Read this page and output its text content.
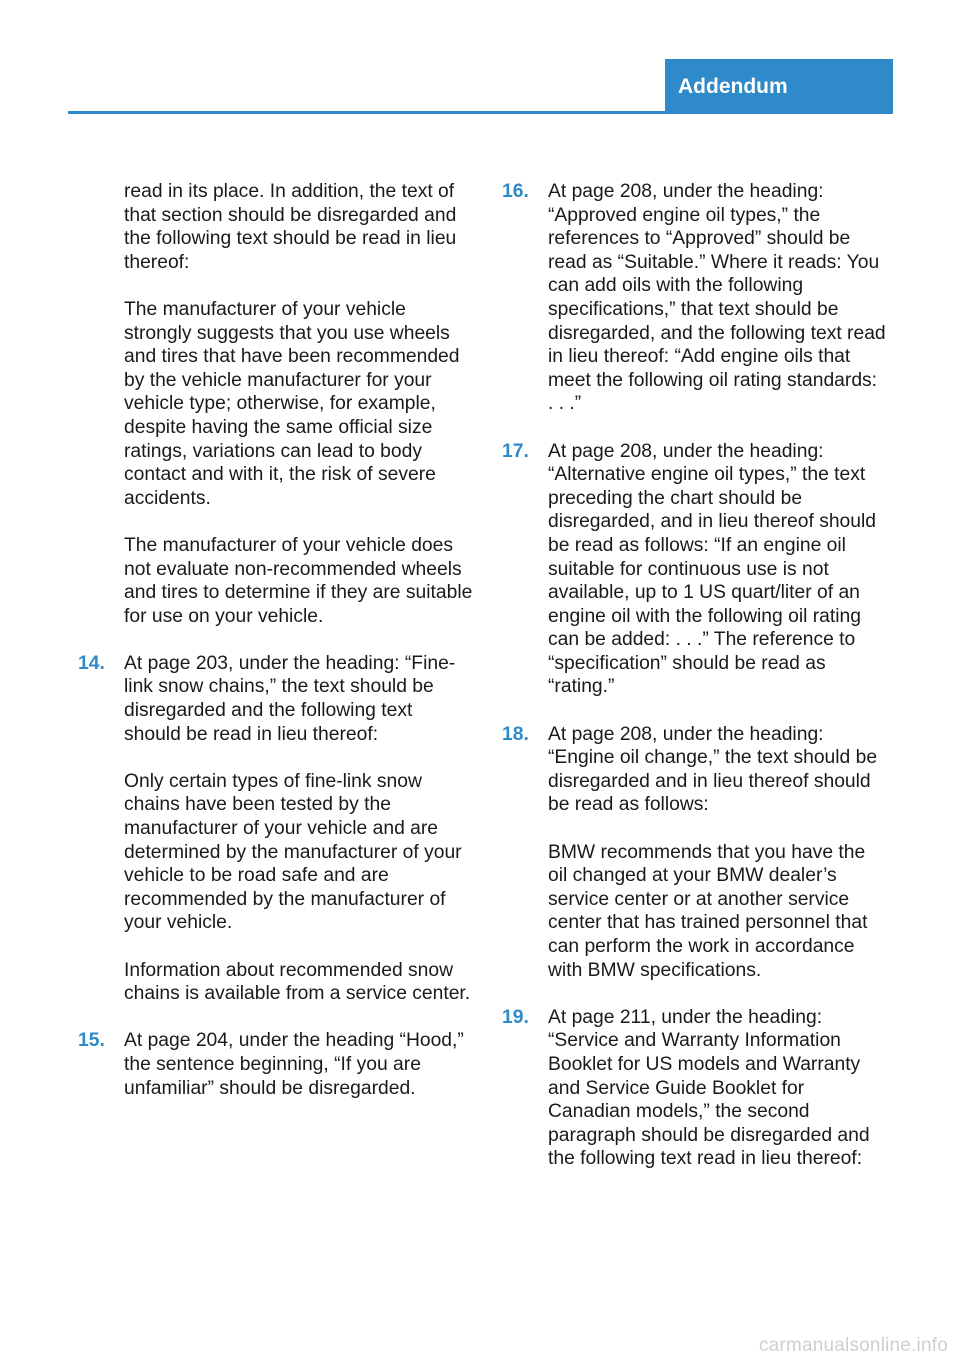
Addendum
read in its place. In addition, the text of that section should be disregarded and the following text should be read in lieu thereof:
The manufacturer of your vehicle strongly suggests that you use wheels and tires that have been recommended by the vehicle manufacturer for your vehicle type; otherwise, for example, despite having the same official size ratings, variations can lead to body contact and with it, the risk of severe accidents.
The manufacturer of your vehicle does not evaluate non-recommended wheels and tires to determine if they are suitable for use on your vehicle.
14. At page 203, under the heading: “Fine-link snow chains,” the text should be disregarded and the following text should be read in lieu thereof:
Only certain types of fine-link snow chains have been tested by the manufacturer of your vehicle and are determined by the manufacturer of your vehicle to be road safe and are recommended by the manufacturer of your vehicle.
Information about recommended snow chains is available from a service center.
15. At page 204, under the heading “Hood,” the sentence beginning, “If you are unfamiliar” should be disregarded.
16. At page 208, under the heading: “Approved engine oil types,” the references to “Approved” should be read as “Suitable.” Where it reads: You can add oils with the following specifications,” that text should be disregarded, and the following text read in lieu thereof: “Add engine oils that meet the following oil rating standards: . . .”
17. At page 208, under the heading: “Alternative engine oil types,” the text preceding the chart should be disregarded, and in lieu thereof should be read as follows: “If an engine oil suitable for continuous use is not available, up to 1 US quart/liter of an engine oil with the following oil rating can be added: . . .” The reference to “specification” should be read as “rating.”
18. At page 208, under the heading: “Engine oil change,” the text should be disregarded and in lieu thereof should be read as follows:
BMW recommends that you have the oil changed at your BMW dealer’s service center or at another service center that has trained personnel that can perform the work in accordance with BMW specifications.
19. At page 211, under the heading: “Service and Warranty Information Booklet for US models and Warranty and Service Guide Booklet for Canadian models,” the second paragraph should be disregarded and the following text read in lieu thereof:
carmanualsonline.info
